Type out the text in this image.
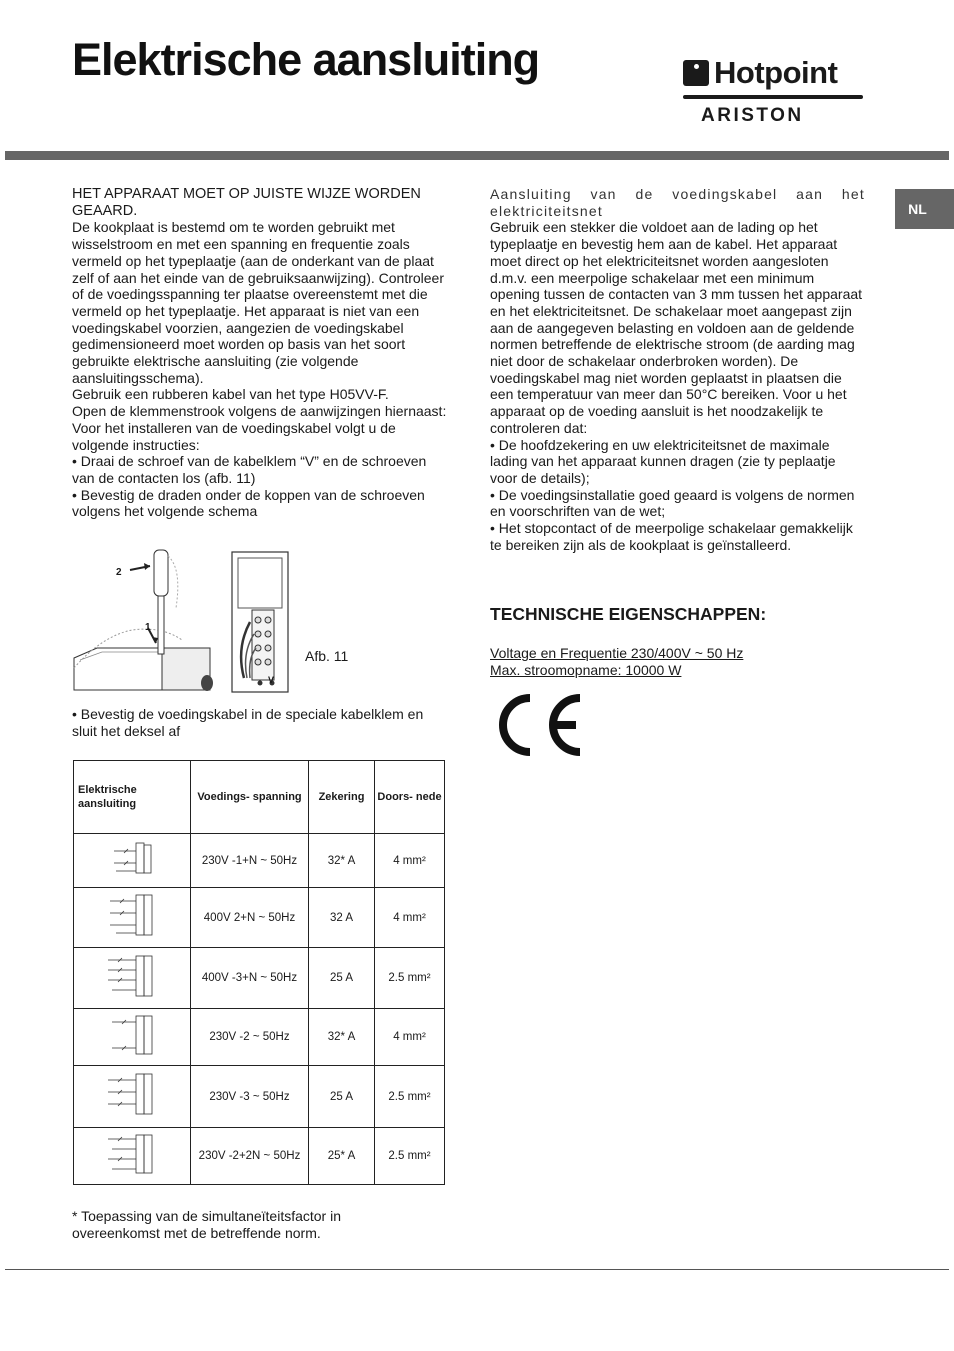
Elektrische aansluiting	Hotpoint
ARISTON
NL

HET APPARAAT MOET OP JUISTE WIJZE WORDEN

GEAARD.

De kookplaat is bestemd om te worden gebruikt met wisselstroom en met een spanning en frequentie zoals vermeld op het typeplaatje (aan de onderkant van de plaat zelf of aan het einde van de gebruiksaanwijzing). Controleer of de voedingsspanning ter plaatse overeenstemt met die vermeld op het typeplaatje. Het apparaat is niet van een voedingskabel voorzien, aangezien de voedingskabel gedimensioneerd moet worden op basis van het soort gebruikte elektrische aansluiting (zie volgende aansluitingsschema).

Gebruik een rubberen kabel van het type H05VV-F.

Open de klemmenstrook volgens de aanwijzingen hiernaast:

Voor het installeren van de voedingskabel volgt u de volgende instructies:

• Draai de schroef van de kabelklem “V” en de schroeven van de contacten los (afb. 11)

• Bevestig de draden onder de koppen van de schroeven volgens het volgende schema

2
1
V
Afb. 11
• Bevestig de voedingskabel in de speciale kabelklem en sluit het deksel af
Elektrische aansluiting	Voedings- spanning	Zekering	Doors- nede
	230V -1+N ~ 50Hz	32* A	4 mm²
	400V 2+N ~ 50Hz	32 A	4 mm²
	400V -3+N ~ 50Hz	25 A	2.5 mm²
	230V -2 ~ 50Hz	32* A	4 mm²
	230V -3 ~ 50Hz	25 A	2.5 mm²
	230V -2+2N ~ 50Hz	25* A	2.5 mm²
* Toepassing van de simultaneïteitsfactor in overeenkomst met de betreffende norm.

Aansluiting van de voedingskabel aan het

elektriciteitsnet

Gebruik een stekker die voldoet aan de lading op het typeplaatje en bevestig hem aan de kabel. Het apparaat moet direct op het elektriciteitsnet worden aangesloten d.m.v. een meerpolige schakelaar met een minimum opening tussen de contacten van 3 mm tussen het apparaat en het elektriciteitsnet. De schakelaar moet aangepast zijn aan de aangegeven belasting en voldoen aan de geldende normen betreffende de elektrische stroom (de aarding mag niet door de schakelaar onderbroken worden). De voedingskabel mag niet worden geplaatst in plaatsen die een temperatuur van meer dan 50°C bereiken. Voor u het apparaat op de voeding aansluit is het noodzakelijk te controleren dat:

• De hoofdzekering en uw elektriciteitsnet de maximale lading van het apparaat kunnen dragen (zie ty peplaatje voor de details);

• De voedingsinstallatie goed geaard is volgens de normen en voorschriften van de wet;

• Het stopcontact of de meerpolige schakelaar gemakkelijk te bereiken zijn als de kookplaat is geïnstalleerd.

TECHNISCHE EIGENSCHAPPEN:
Voltage en Frequentie 230/400V ~ 50 Hz
Max. stroomopname: 10000 W
